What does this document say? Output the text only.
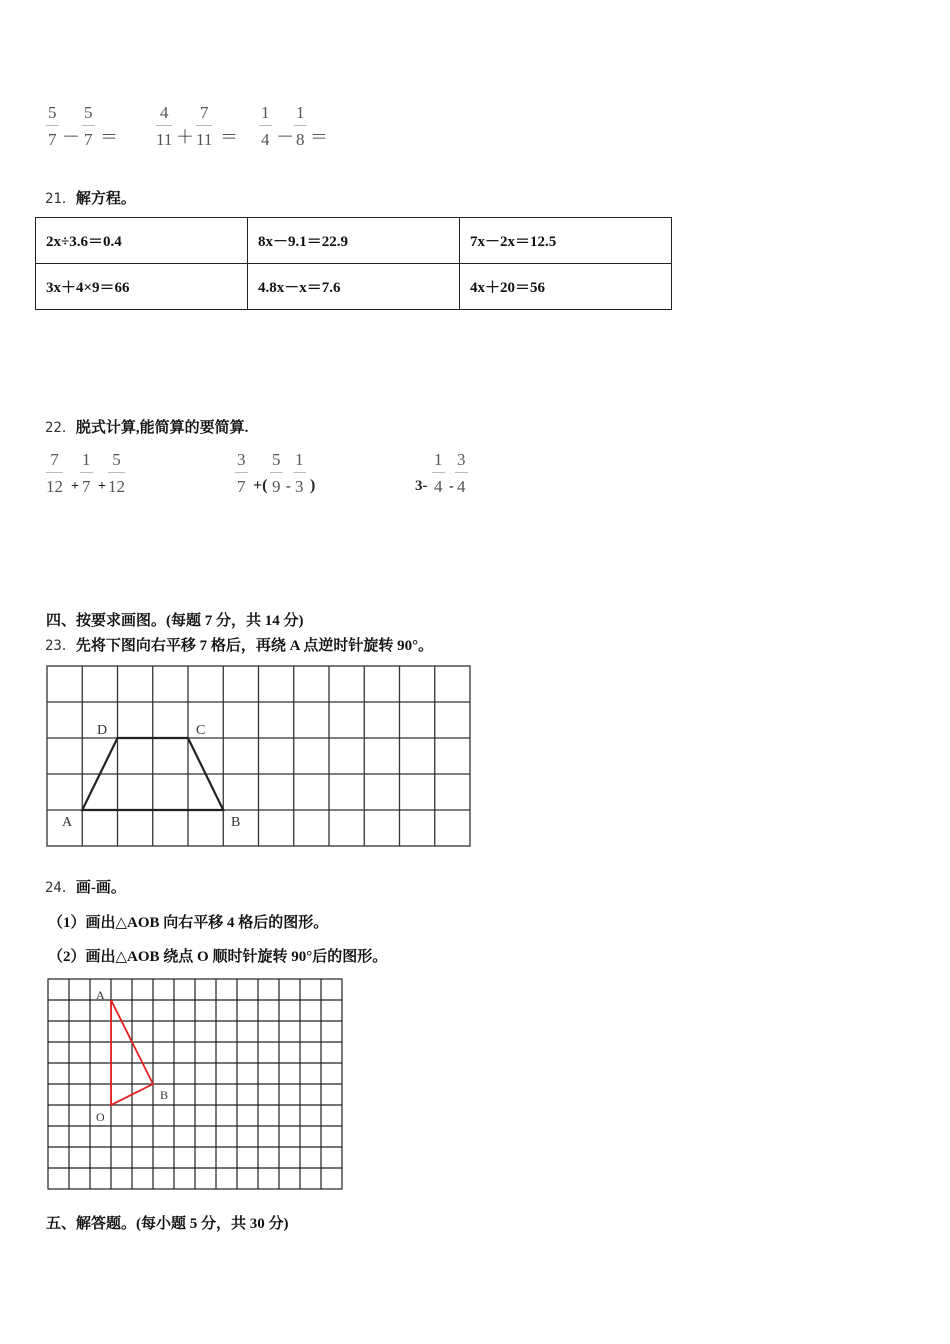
5
7 －
5
7 ＝
4
11 ＋
7
11 ＝
1
4 －
1
8 ＝
21．解方程。
2x÷3.6＝0.4	8x－9.1＝22.9	7x－2x＝12.5
3x＋4×9＝66	4.8x－x＝7.6	4x＋20＝56
22．脱式计算,能简算的要简算.
7
12 +
1
7 +
5
12
3
7 +(
5
9 -
1
3 )	3-
1
4 -
3
4
四、按要求画图。(每题 7 分，共 14 分)
23．先将下图向右平移 7 格后，再绕 A 点逆时针旋转 90°。
A	B
C
D
24．画-画。
（1）画出△AOB 向右平移 4 格后的图形。
（2）画出△AOB 绕点 O 顺时针旋转 90°后的图形。
A
B
O
五、解答题。(每小题 5 分，共 30 分)
